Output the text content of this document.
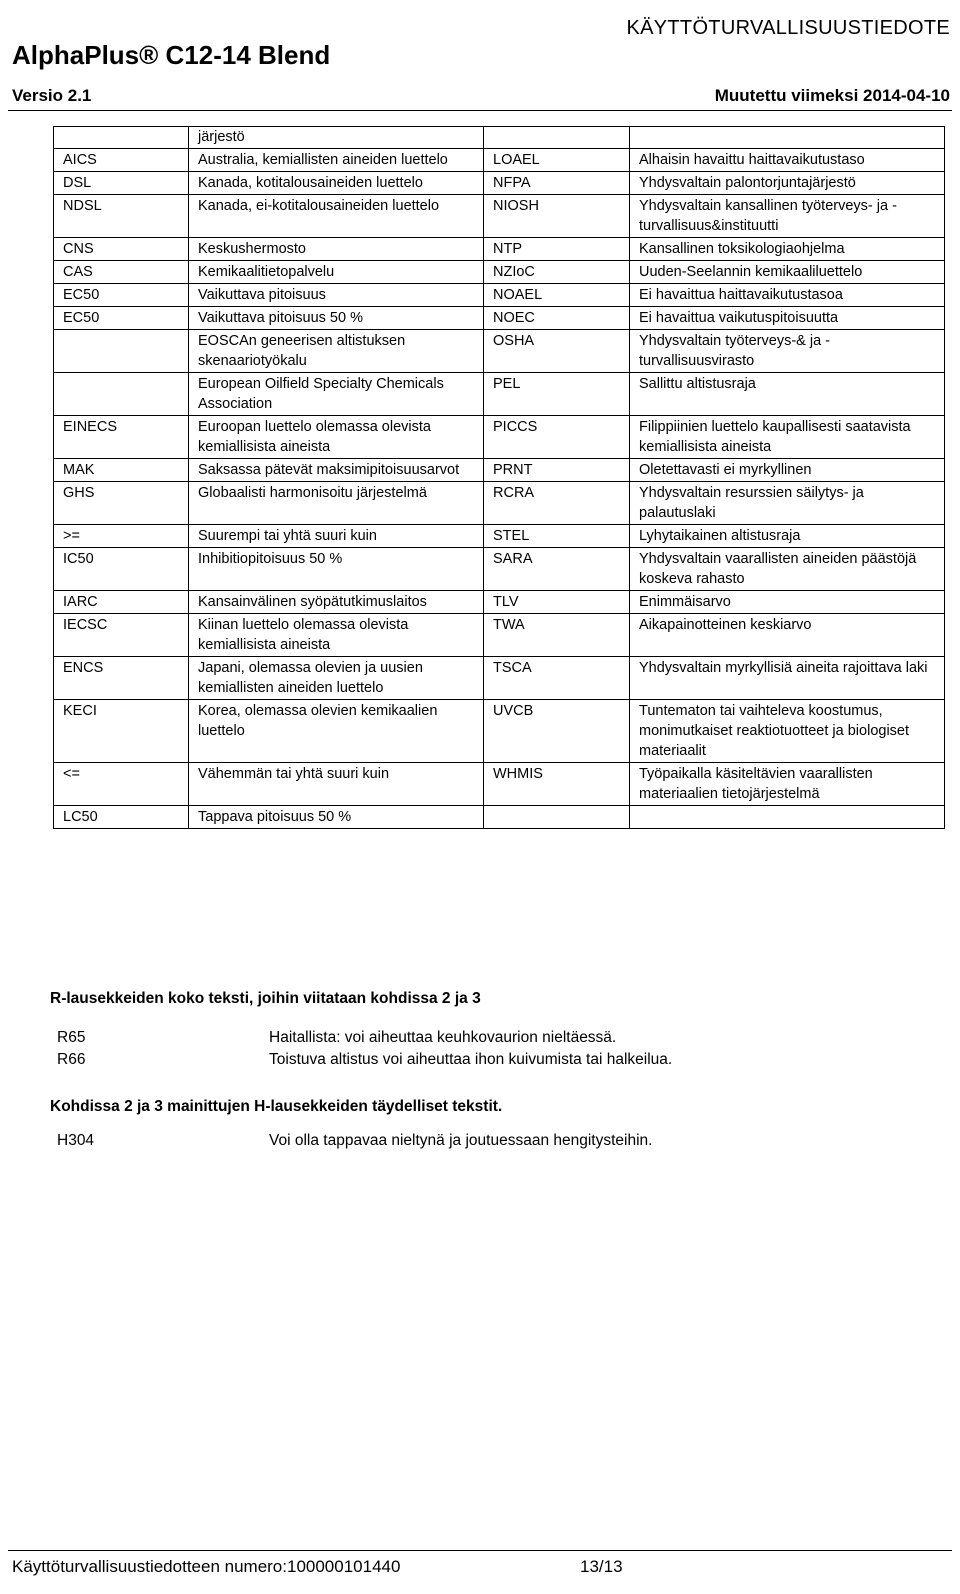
KÄYTTÖTURVALLISUUSTIEDOTE
AlphaPlus® C12-14 Blend
Versio 2.1	Muutettu viimeksi 2014-04-10
	järjestö		
AICS	Australia, kemiallisten aineiden luettelo	LOAEL	Alhaisin havaittu haittavaikutustaso
DSL	Kanada, kotitalousaineiden luettelo	NFPA	Yhdysvaltain palontorjuntajärjestö
NDSL	Kanada, ei-kotitalousaineiden luettelo	NIOSH	Yhdysvaltain kansallinen työterveys- ja -turvallisuus&instituutti
CNS	Keskushermosto	NTP	Kansallinen toksikologiaohjelma
CAS	Kemikaalitietopalvelu	NZIoC	Uuden-Seelannin kemikaaliluettelo
EC50	Vaikuttava pitoisuus	NOAEL	Ei havaittua haittavaikutustasoa
EC50	Vaikuttava pitoisuus 50 %	NOEC	Ei havaittua vaikutuspitoisuutta
	EOSCAn geneerisen altistuksen skenaariotyökalu	OSHA	Yhdysvaltain työterveys-& ja -turvallisuusvirasto
	European Oilfield Specialty Chemicals Association	PEL	Sallittu altistusraja
EINECS	Euroopan luettelo olemassa olevista kemiallisista aineista	PICCS	Filippiinien luettelo kaupallisesti saatavista kemiallisista aineista
MAK	Saksassa pätevät maksimipitoisuusarvot	PRNT	Oletettavasti ei myrkyllinen
GHS	Globaalisti harmonisoitu järjestelmä	RCRA	Yhdysvaltain resurssien säilytys- ja palautuslaki
>=	Suurempi tai yhtä suuri kuin	STEL	Lyhytaikainen altistusraja
IC50	Inhibitiopitoisuus 50 %	SARA	Yhdysvaltain vaarallisten aineiden päästöjä koskeva rahasto
IARC	Kansainvälinen syöpätutkimuslaitos	TLV	Enimmäisarvo
IECSC	Kiinan luettelo olemassa olevista kemiallisista aineista	TWA	Aikapainotteinen keskiarvo
ENCS	Japani, olemassa olevien ja uusien kemiallisten aineiden luettelo	TSCA	Yhdysvaltain myrkyllisiä aineita rajoittava laki
KECI	Korea, olemassa olevien kemikaalien luettelo	UVCB	Tuntematon tai vaihteleva koostumus, monimutkaiset reaktiotuotteet ja biologiset materiaalit
<=	Vähemmän tai yhtä suuri kuin	WHMIS	Työpaikalla käsiteltävien vaarallisten materiaalien tietojärjestelmä
LC50	Tappava pitoisuus 50 %		
R-lausekkeiden koko teksti, joihin viitataan kohdissa 2 ja 3
R65	Haitallista: voi aiheuttaa keuhkovaurion nieltäessä.
R66	Toistuva altistus voi aiheuttaa ihon kuivumista tai halkeilua.
Kohdissa 2 ja 3 mainittujen H-lausekkeiden täydelliset tekstit.
H304	Voi olla tappavaa nieltynä ja joutuessaan hengitysteihin.
Käyttöturvallisuustiedotteen numero:100000101440	13/13
